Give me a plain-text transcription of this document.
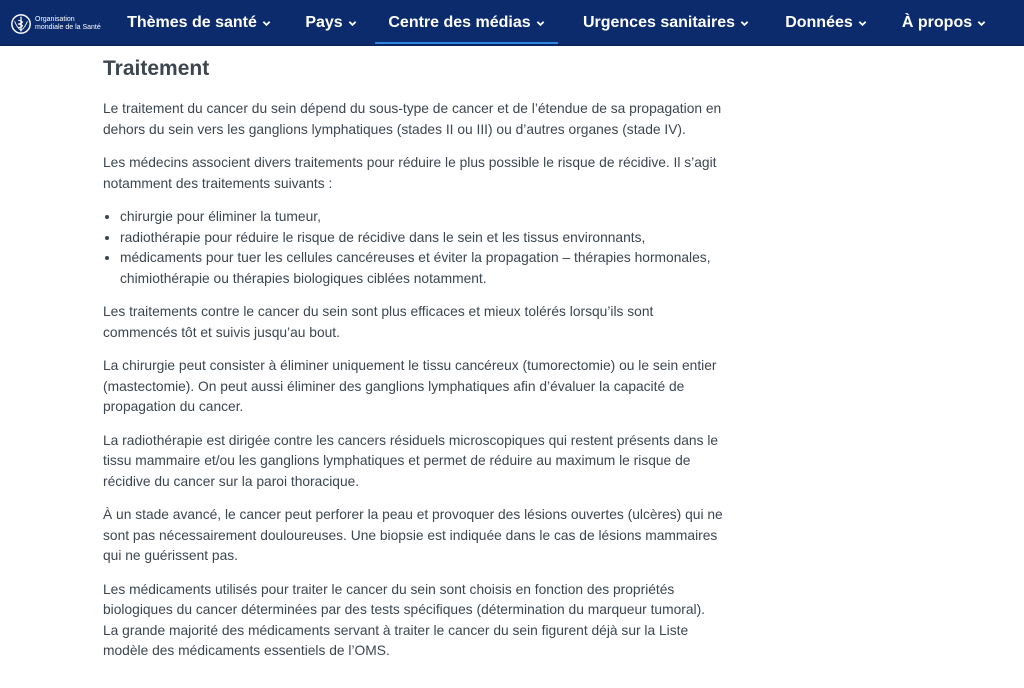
Organisation
mondiale de la Santé Thèmes de santé	Pays	Centre des médias	Urgences sanitaires	Données	À propos
Traitement

Le traitement du cancer du sein dépend du sous-type de cancer et de l’étendue de sa propagation en dehors du sein vers les ganglions lymphatiques (stades II ou III) ou d’autres organes (stade IV).

Les médecins associent divers traitements pour réduire le plus possible le risque de récidive. Il s’agit notamment des traitements suivants :

• chirurgie pour éliminer la tumeur,
• radiothérapie pour réduire le risque de récidive dans le sein et les tissus environnants,
• médicaments pour tuer les cellules cancéreuses et éviter la propagation – thérapies hormonales, chimiothérapie ou thérapies biologiques ciblées notamment.

Les traitements contre le cancer du sein sont plus efficaces et mieux tolérés lorsqu’ils sont commencés tôt et suivis jusqu’au bout.

La chirurgie peut consister à éliminer uniquement le tissu cancéreux (tumorectomie) ou le sein entier (mastectomie). On peut aussi éliminer des ganglions lymphatiques afin d’évaluer la capacité de propagation du cancer.

La radiothérapie est dirigée contre les cancers résiduels microscopiques qui restent présents dans le tissu mammaire et/ou les ganglions lymphatiques et permet de réduire au maximum le risque de récidive du cancer sur la paroi thoracique.

À un stade avancé, le cancer peut perforer la peau et provoquer des lésions ouvertes (ulcères) qui ne sont pas nécessairement douloureuses. Une biopsie est indiquée dans le cas de lésions mammaires qui ne guérissent pas.

Les médicaments utilisés pour traiter le cancer du sein sont choisis en fonction des propriétés biologiques du cancer déterminées par des tests spécifiques (détermination du marqueur tumoral). La grande majorité des médicaments servant à traiter le cancer du sein figurent déjà sur la Liste modèle des médicaments essentiels de l’OMS.
